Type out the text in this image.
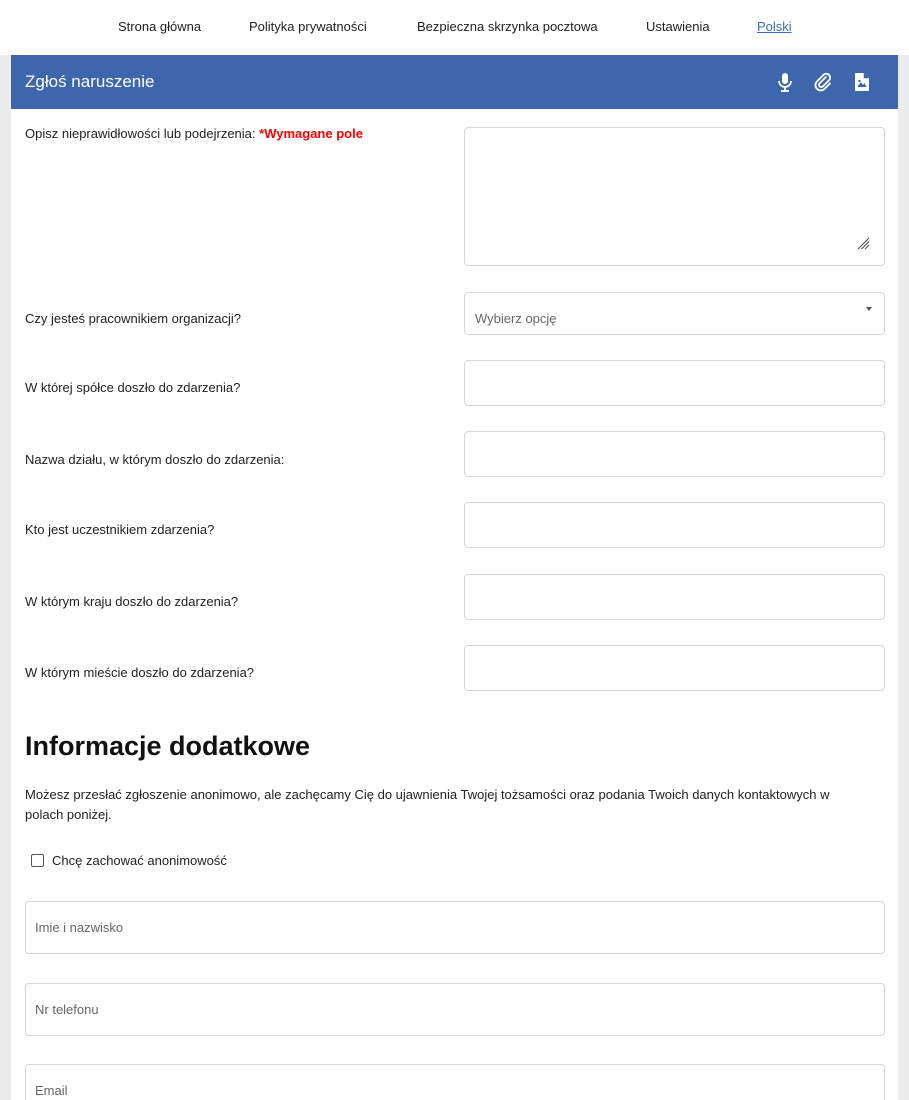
Strona główna	Polityka prywatności	Bezpieczna skrzynka pocztowa	Ustawienia	Polski
Zgłoś naruszenie
Opisz nieprawidłowości lub podejrzenia: *Wymagane pole
Czy jesteś pracownikiem organizacji?	Wybierz opcję
W której spółce doszło do zdarzenia?
Nazwa działu, w którym doszło do zdarzenia:
Kto jest uczestnikiem zdarzenia?
W którym kraju doszło do zdarzenia?
W którym mieście doszło do zdarzenia?
Informacje dodatkowe
Możesz przesłać zgłoszenie anonimowo, ale zachęcamy Cię do ujawnienia Twojej tożsamości oraz podania Twoich danych kontaktowych w polach poniżej.
Chcę zachować anonimowość
Imie i nazwisko
Nr telefonu
Email
